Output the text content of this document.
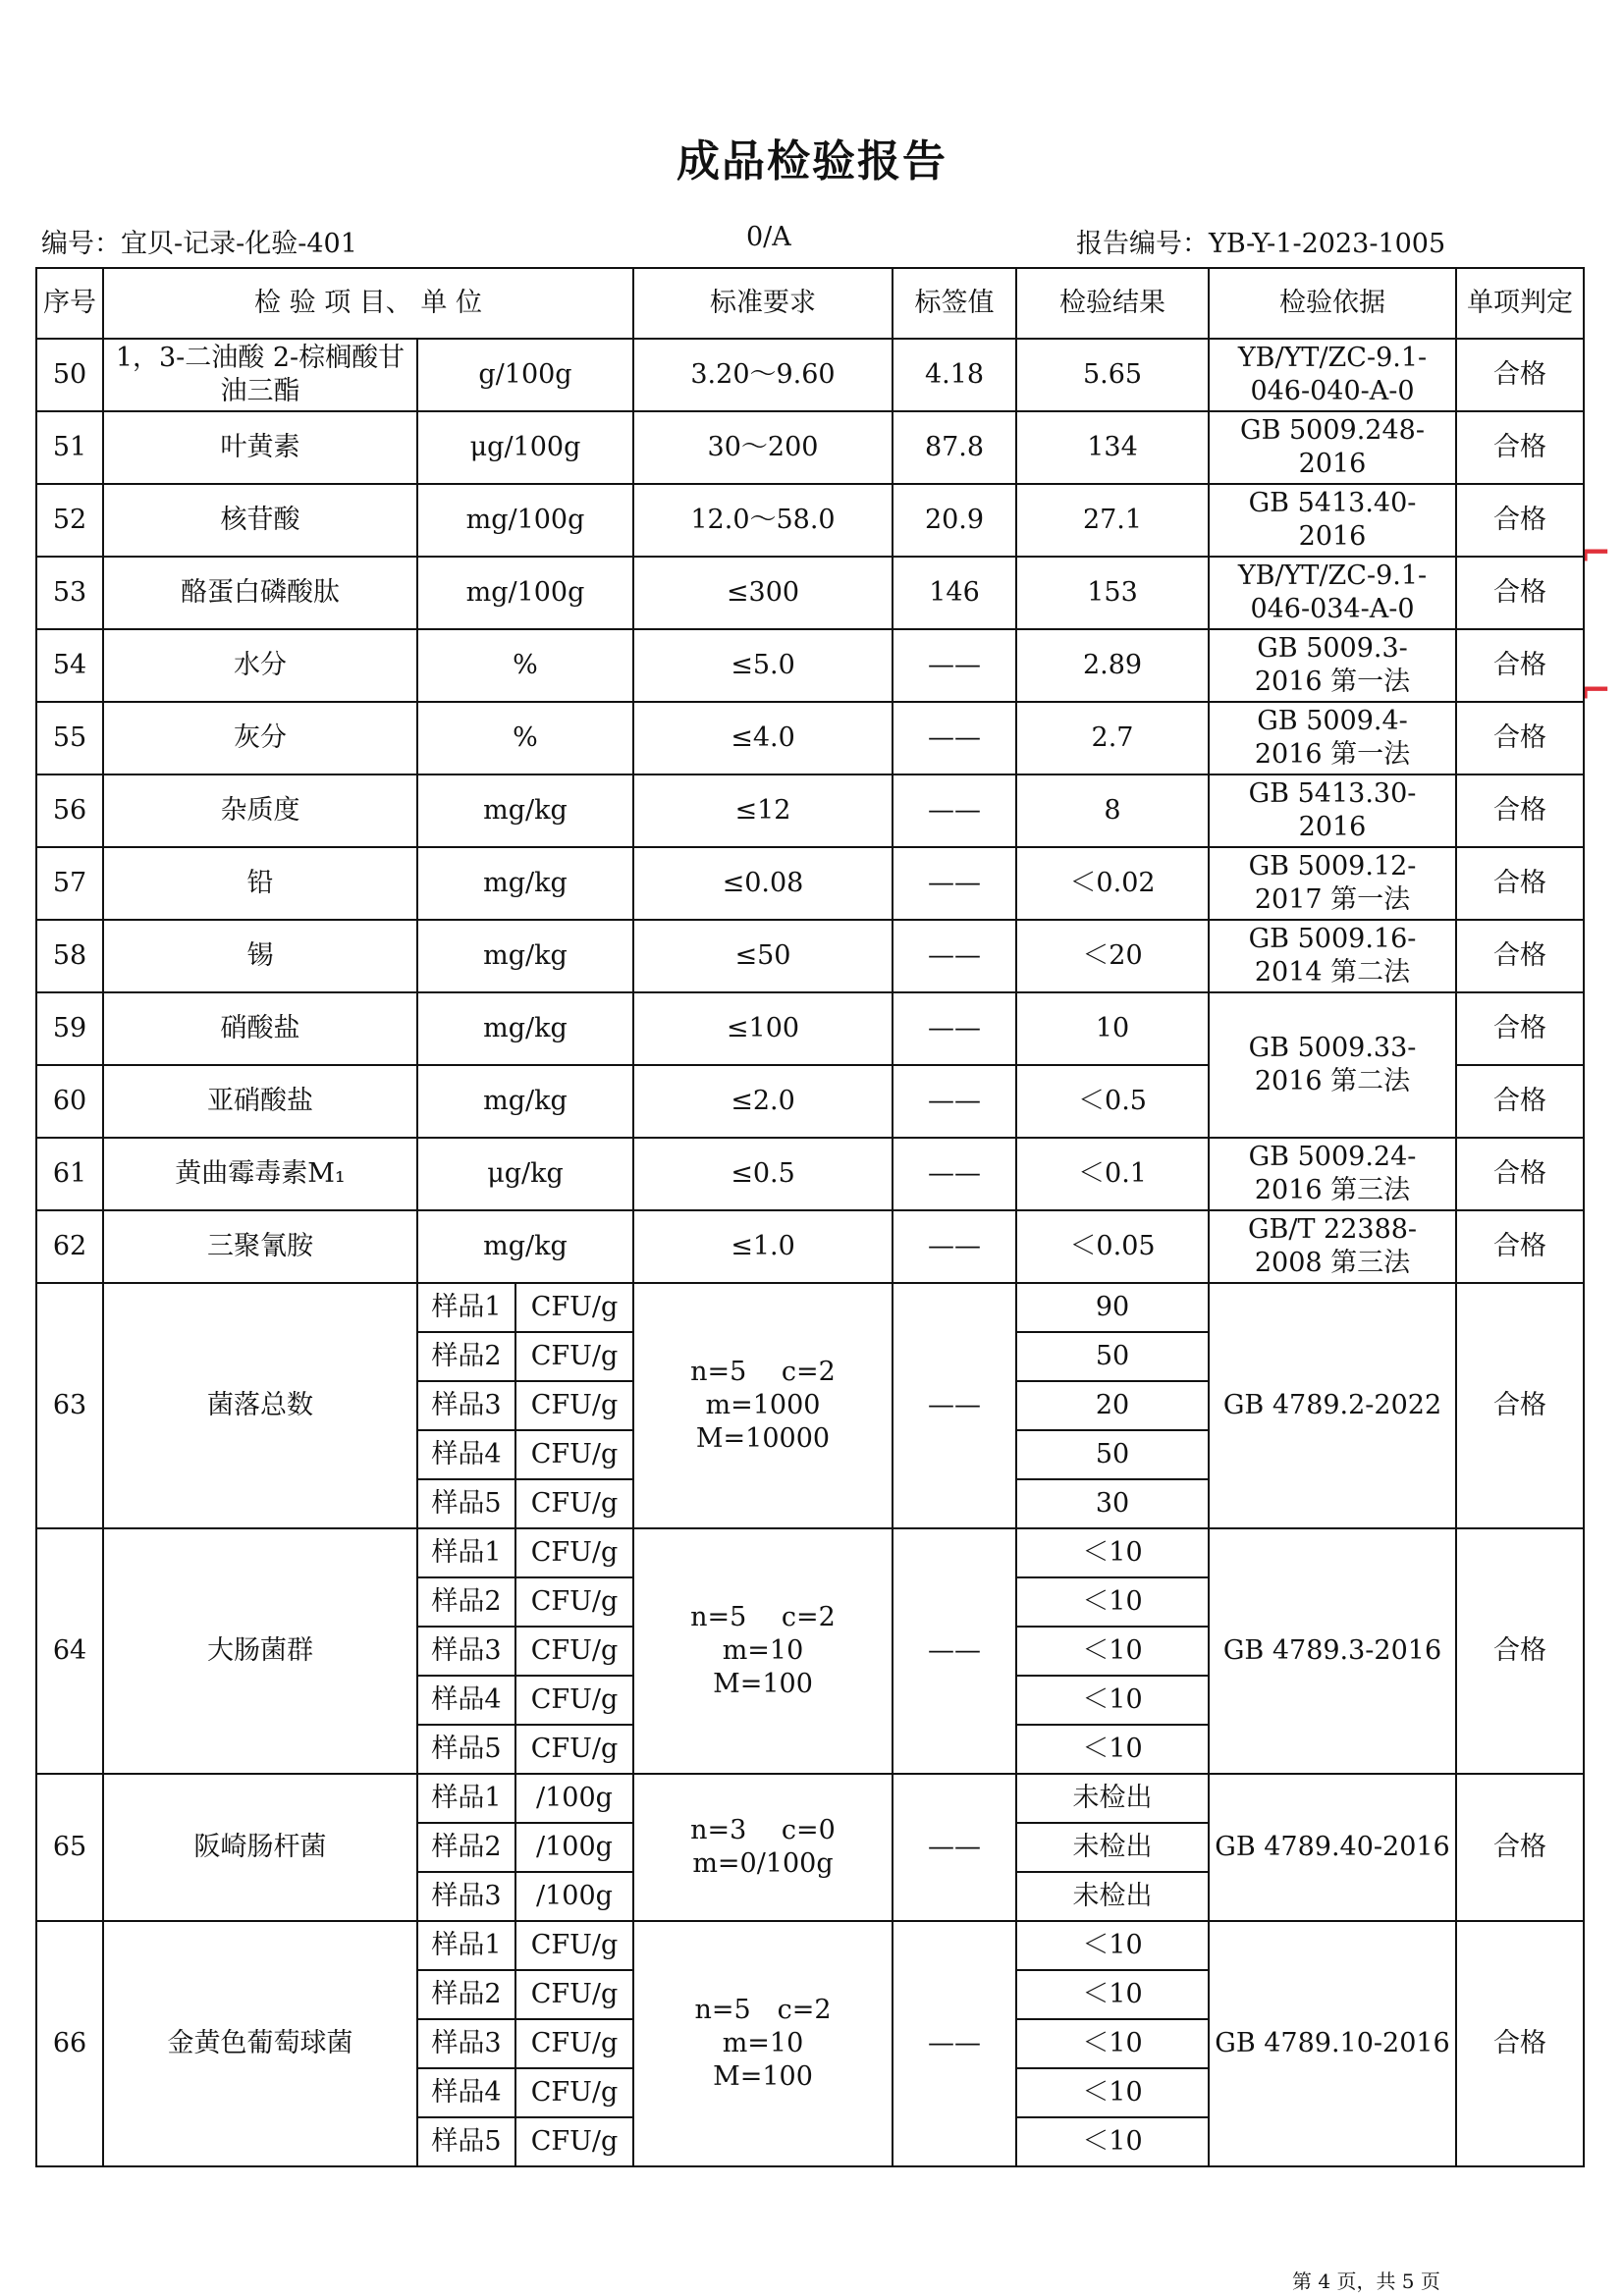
成品检验报告
编号：宜贝-记录-化验-401	0/A	报告编号：YB-Y-1-2023-1005
⌐
⌐
序号	检 验 项 目、 单 位			标准要求	标签值	检验结果	检验依据	单项判定
50	1，3-二油酸 2-棕榈酸甘油三酯	g/100g		3.20～9.60	4.18	5.65	YB/YT/ZC-9.1-046-040-A-0	合格
51	叶黄素	μg/100g		30～200	87.8	134	GB 5009.248-2016	合格
52	核苷酸	mg/100g		12.0～58.0	20.9	27.1	GB 5413.40-2016	合格
53	酪蛋白磷酸肽	mg/100g		≤300	146	153	YB/YT/ZC-9.1-046-034-A-0	合格
54	水分	%		≤5.0	——	2.89	GB 5009.3-2016 第一法	合格
55	灰分	%		≤4.0	——	2.7	GB 5009.4-2016 第一法	合格
56	杂质度	mg/kg		≤12	——	8	GB 5413.30-2016	合格
57	铅	mg/kg		≤0.08	——	＜0.02	GB 5009.12-2017 第一法	合格
58	锡	mg/kg		≤50	——	＜20	GB 5009.16-2014 第二法	合格
59	硝酸盐	mg/kg		≤100	——	10	GB 5009.33-2016 第二法	合格
60	亚硝酸盐	mg/kg		≤2.0	——	＜0.5		合格
61	黄曲霉毒素M₁	μg/kg		≤0.5	——	＜0.1	GB 5009.24-2016 第三法	合格
62	三聚氰胺	mg/kg		≤1.0	——	＜0.05	GB/T 22388-2008 第三法	合格
63	菌落总数	样品1	CFU/g	n=5　 c=2 m=1000 M=10000	——	90	GB 4789.2-2022	合格
		样品2	CFU/g			50		
		样品3	CFU/g			20		
		样品4	CFU/g			50		
		样品5	CFU/g			30		
64	大肠菌群	样品1	CFU/g	n=5　 c=2 m=10 M=100	——	＜10	GB 4789.3-2016	合格
		样品2	CFU/g			＜10		
		样品3	CFU/g			＜10		
		样品4	CFU/g			＜10		
		样品5	CFU/g			＜10		
65	阪崎肠杆菌	样品1	/100g	n=3　 c=0 m=0/100g	——	未检出	GB 4789.40-2016	合格
		样品2	/100g			未检出		
		样品3	/100g			未检出		
66	金黄色葡萄球菌	样品1	CFU/g	n=5　c=2 m=10 M=100	——	＜10	GB 4789.10-2016	合格
		样品2	CFU/g			＜10		
		样品3	CFU/g			＜10		
		样品4	CFU/g			＜10		
		样品5	CFU/g			＜10		
第 4 页，共 5 页
